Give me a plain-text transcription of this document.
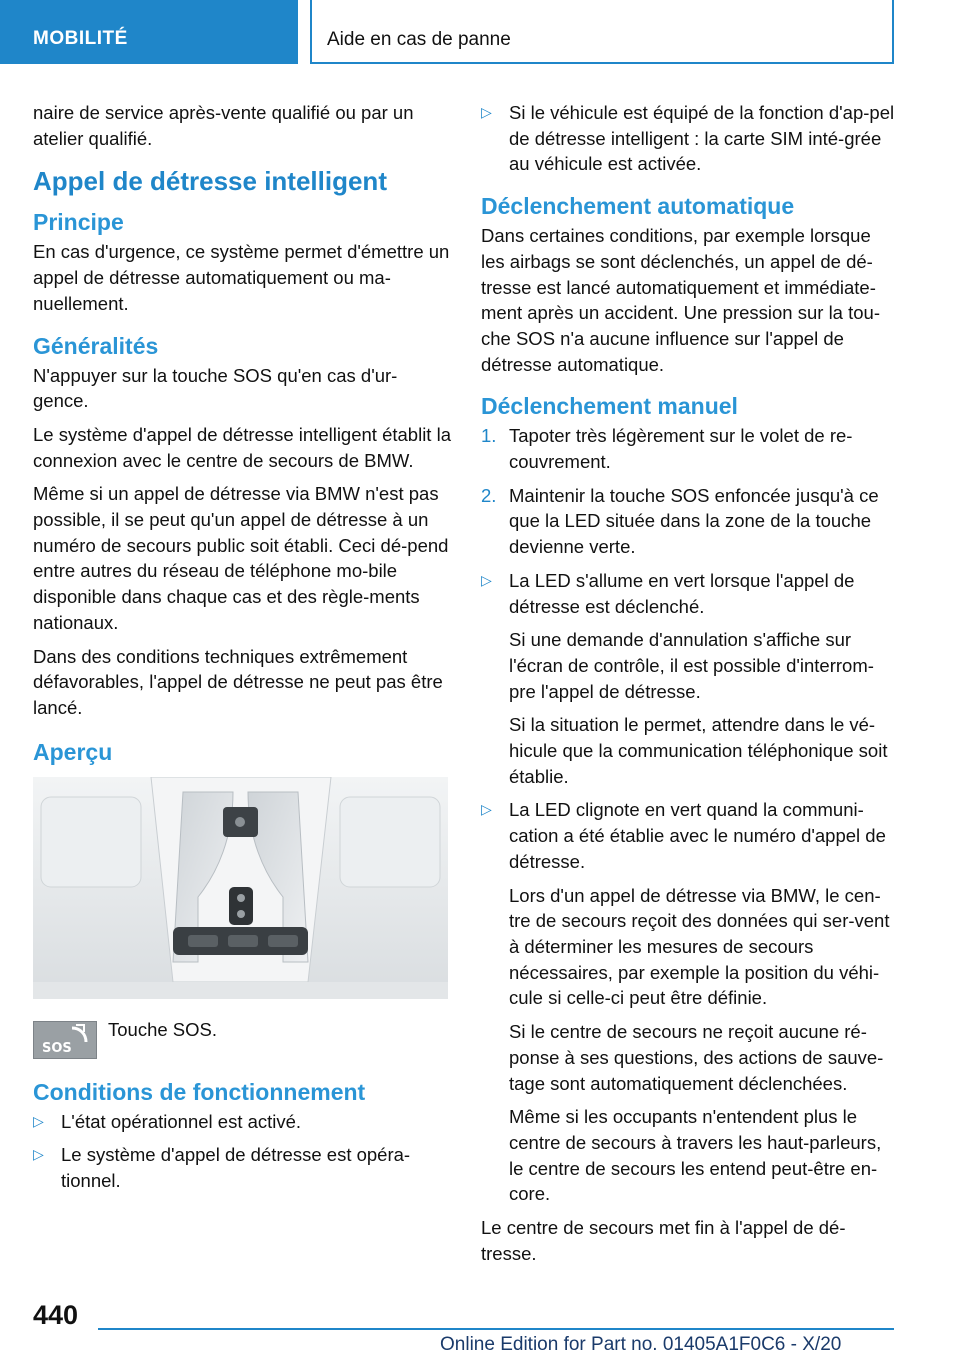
MOBILITÉ	Aide en cas de panne

naire de service après-vente qualifié ou par un atelier qualifié.

Appel de détresse intelligent
Principe

En cas d'urgence, ce système permet d'émettre un appel de détresse automatiquement ou ma-nuellement.

Généralités

N'appuyer sur la touche SOS qu'en cas d'ur-gence.

Le système d'appel de détresse intelligent établit la connexion avec le centre de secours de BMW.

Même si un appel de détresse via BMW n'est pas possible, il se peut qu'un appel de détresse à un numéro de secours public soit établi. Ceci dé-pend entre autres du réseau de téléphone mo-bile disponible dans chaque cas et des règle-ments nationaux.

Dans des conditions techniques extrêmement défavorables, l'appel de détresse ne peut pas être lancé.

Aperçu
SOS
Touche SOS.
Conditions de fonctionnement
▷ L'état opérationnel est activé.

▷ Le système d'appel de détresse est opéra-tionnel.

▷ Si le véhicule est équipé de la fonction d'ap-pel de détresse intelligent : la carte SIM inté-grée au véhicule est activée.

Déclenchement automatique

Dans certaines conditions, par exemple lorsque les airbags se sont déclenchés, un appel de dé-tresse est lancé automatiquement et immédiate-ment après un accident. Une pression sur la tou-che SOS n'a aucune influence sur l'appel de détresse automatique.

Déclenchement manuel
1. Tapoter très légèrement sur le volet de re-couvrement.

2. Maintenir la touche SOS enfoncée jusqu'à ce que la LED située dans la zone de la touche devienne verte.

▷ La LED s'allume en vert lorsque l'appel de détresse est déclenché.

Si une demande d'annulation s'affiche sur l'écran de contrôle, il est possible d'interrom-pre l'appel de détresse.

Si la situation le permet, attendre dans le vé-hicule que la communication téléphonique soit établie.

▷ La LED clignote en vert quand la communi-cation a été établie avec le numéro d'appel de détresse.

Lors d'un appel de détresse via BMW, le cen-tre de secours reçoit des données qui ser-vent à déterminer les mesures de secours nécessaires, par exemple la position du véhi-cule si celle-ci peut être définie.

Si le centre de secours ne reçoit aucune ré-ponse à ses questions, des actions de sauve-tage sont automatiquement déclenchées.

Même si les occupants n'entendent plus le centre de secours à travers les haut-parleurs, le centre de secours les entend peut-être en-core.

Le centre de secours met fin à l'appel de dé-tresse.

440
Online Edition for Part no. 01405A1F0C6 - X/20
